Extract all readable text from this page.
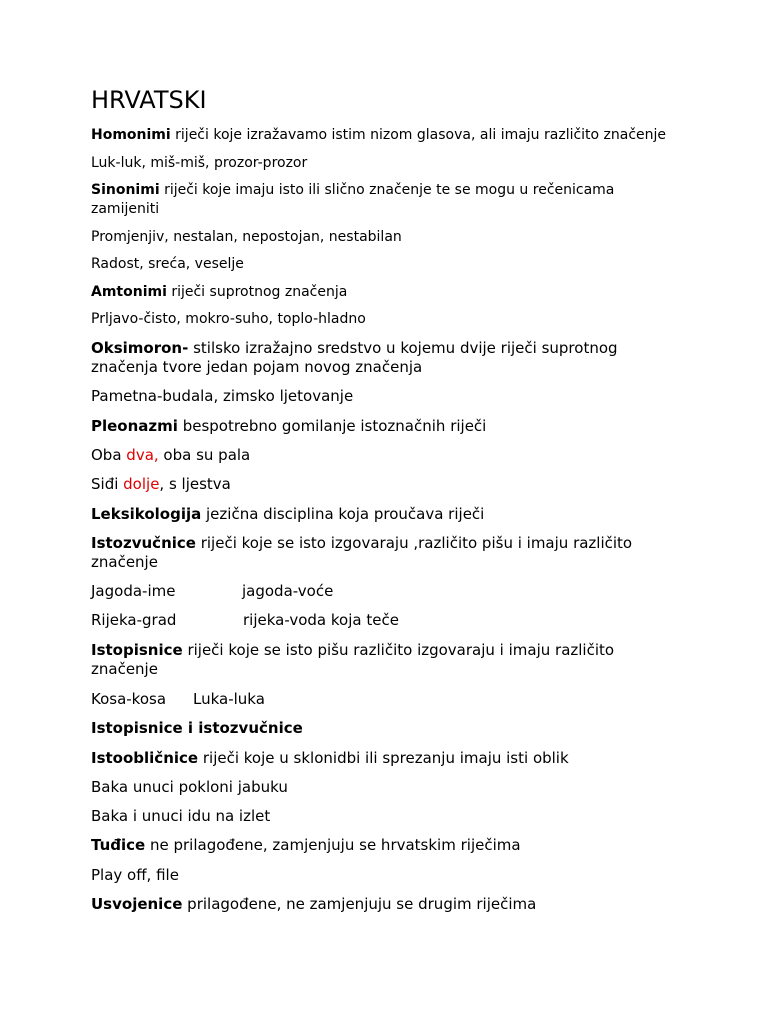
HRVATSKI
Homonimi riječi koje izražavamo istim nizom glasova, ali imaju različito značenje
Luk-luk, miš-miš, prozor-prozor
Sinonimi riječi koje imaju isto ili slično značenje te se mogu u rečenicama zamijeniti
Promjenjiv, nestalan, nepostojan, nestabilan
Radost, sreća, veselje
Amtonimi riječi suprotnog značenja
Prljavo-čisto, mokro-suho, toplo-hladno
Oksimoron- stilsko izražajno sredstvo u kojemu dvije riječi suprotnog značenja tvore jedan pojam novog značenja
Pametna-budala, zimsko ljetovanje
Pleonazmi bespotrebno gomilanje istoznačnih riječi
Oba dva, oba su pala
Siđi dolje, s ljestva
Leksikologija jezična disciplina koja proučava riječi
Istozvučnice riječi koje se isto izgovaraju ,različito pišu i imaju različito značenje
Jagoda-ime	jagoda-voće
Rijeka-grad	rijeka-voda koja teče
Istopisnice riječi koje se isto pišu različito izgovaraju i imaju različito značenje
Kosa-kosa Luka-luka
Istopisnice i istozvučnice
Istoobličnice riječi koje u sklonidbi ili sprezanju imaju isti oblik
Baka unuci pokloni jabuku
Baka i unuci idu na izlet
Tuđice ne prilagođene, zamjenjuju se hrvatskim riječima
Play off, file
Usvojenice prilagođene, ne zamjenjuju se drugim riječima
